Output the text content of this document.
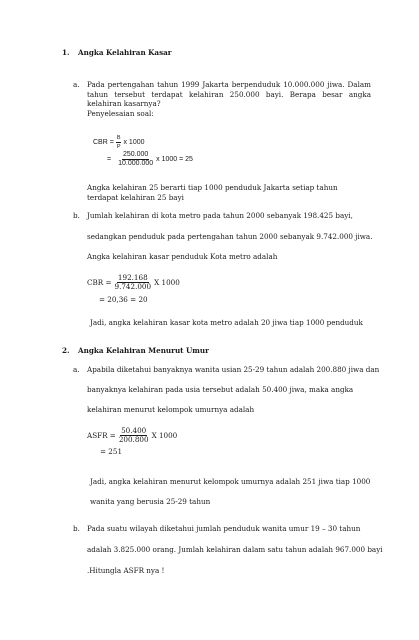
1. Angka Kelahiran Kasar
a. Pada pertengahan tahun 1999 Jakarta berpenduduk 10.000.000 jiwa. Dalam tahun tersebut terdapat kelahiran 250.000 bayi. Berapa besar angka kelahiran kasarnya?
Penyelesaian soal:
CBR = $\frac{B}{P}$ x 1000
= $\frac{250.000}{10.000.000}$ x 1000 = 25
Angka kelahiran 25 berarti tiap 1000 penduduk Jakarta setiap tahun terdapat kelahiran 25 bayi
b. Jumlah kelahiran di kota metro pada tahun 2000 sebanyak 198.425 bayi,
sedangkan penduduk pada pertengahan tahun 2000 sebanyak 9.742.000 jiwa.
Angka kelahiran kasar penduduk Kota metro adalah
CBR = $\frac{192.168}{9.742.000}$ X 1000
= 20,36 = 20
Jadi, angka kelahiran kasar kota metro adalah 20 jiwa tiap 1000 penduduk
2. Angka Kelahiran Menurut Umur
a. Apabila diketahui banyaknya wanita usian 25-29 tahun adalah 200.880 jiwa dan
banyaknya kelahiran pada usia tersebut adalah 50.400 jiwa, maka angka
kelahiran menurut kelompok umurnya adalah
ASFR = $\frac{50.400}{200.800}$ X 1000
= 251
Jadi, angka kelahiran menurut kelompok umurnya adalah 251 jiwa tiap 1000
wanita yang berusia 25-29 tahun
b. Pada suatu wilayah diketahui jumlah penduduk wanita umur 19 – 30 tahun
adalah 3.825.000 orang. Jumlah kelahiran dalam satu tahun adalah 967.000 bayi
.Hitungla ASFR nya !
